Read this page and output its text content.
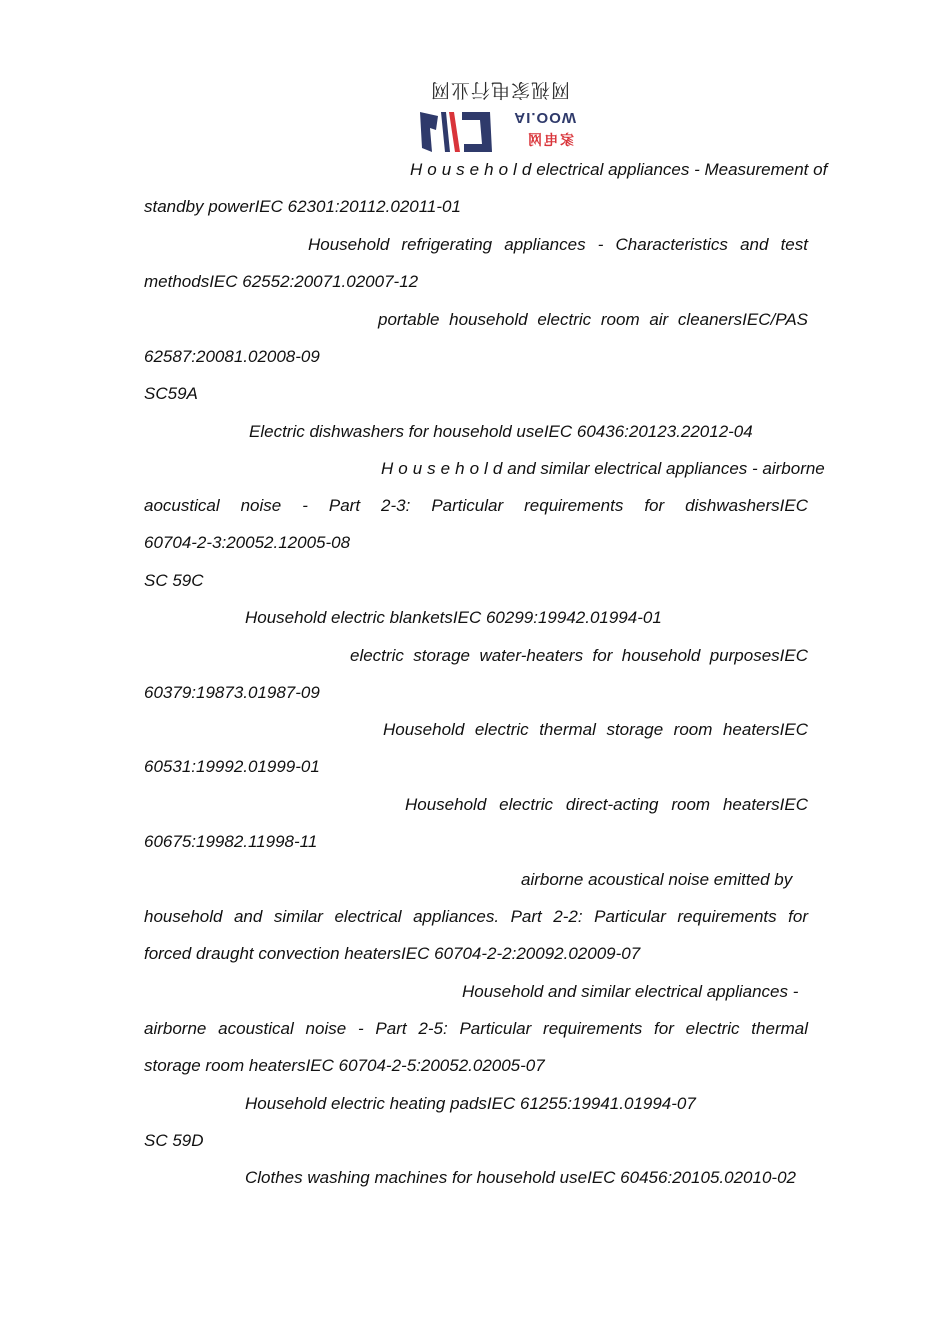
网视家电行业网
WOO.IA
家电网
Householdelectrical appliances - Measurement of
standby powerIEC 62301:20112.02011-01
Household refrigerating appliances - Characteristics and test
methodsIEC 62552:20071.02007-12
portable household electric room air cleanersIEC/PAS
62587:20081.02008-09
SC59A
Electric dishwashers for household useIEC 60436:20123.22012-04
Householdand similar electrical appliances - airborne
aocustical noise - Part 2-3: Particular requirements for dishwashersIEC
60704-2-3:20052.12005-08
SC 59C
Household electric blanketsIEC 60299:19942.01994-01
electric storage water-heaters for household purposesIEC
60379:19873.01987-09
Household electric thermal storage room heatersIEC
60531:19992.01999-01
Household electric direct-acting room heatersIEC
60675:19982.11998-11
airborne acoustical noise emitted by
household and similar electrical appliances. Part 2-2: Particular requirements for
forced draught convection heatersIEC 60704-2-2:20092.02009-07
Household and similar electrical appliances -
airborne acoustical noise - Part 2-5: Particular requirements for electric thermal
storage room heatersIEC 60704-2-5:20052.02005-07
Household electric heating padsIEC 61255:19941.01994-07
SC 59D
Clothes washing machines for household useIEC 60456:20105.02010-02
